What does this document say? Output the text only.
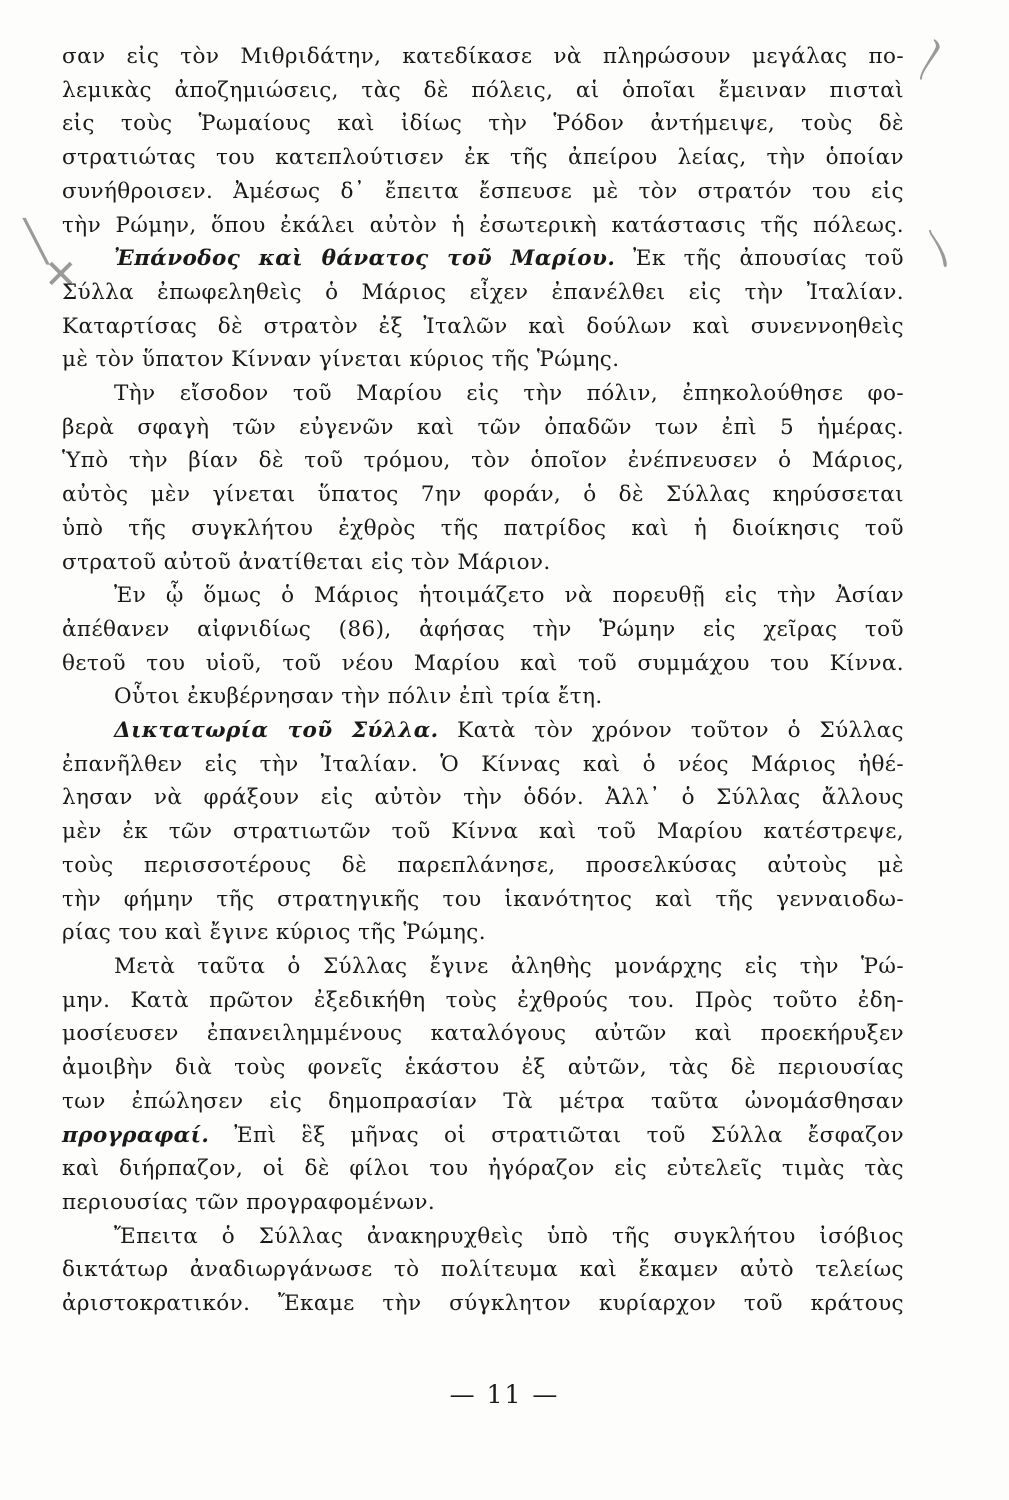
╲
✕
〳
〵
σαν εἰς τὸν Μιθριδάτην, κατεδίκασε νὰ πληρώσουν μεγάλας πο-
λεμικὰς ἀποζημιώσεις, τὰς δὲ πόλεις, αἱ ὁποῖαι ἔμειναν πισταὶ
εἰς τοὺς Ῥωμαίους καὶ ἰδίως τὴν Ῥόδον ἀντήμειψε, τοὺς δὲ
στρατιώτας του κατεπλούτισεν ἐκ τῆς ἀπείρου λείας, τὴν ὁποίαν
συνήθροισεν. Ἀμέσως δ᾽ ἔπειτα ἔσπευσε μὲ τὸν στρατόν του εἰς
τὴν Ρώμην, ὅπου ἐκάλει αὐτὸν ἡ ἐσωτερικὴ κατάστασις τῆς πόλεως.
Ἐπάνοδος καὶ θάνατος τοῦ Μαρίου. Ἐκ τῆς ἀπουσίας τοῦ
Σύλλα ἐπωφεληθεὶς ὁ Μάριος εἶχεν ἐπανέλθει εἰς τὴν Ἰταλίαν.
Καταρτίσας δὲ στρατὸν ἐξ Ἰταλῶν καὶ δούλων καὶ συνεννοηθεὶς
μὲ τὸν ὕπατον Κίνναν γίνεται κύριος τῆς Ῥώμης.
Τὴν εἴσοδον τοῦ Μαρίου εἰς τὴν πόλιν, ἐπηκολούθησε φο-
βερὰ σφαγὴ τῶν εὐγενῶν καὶ τῶν ὀπαδῶν των ἐπὶ 5 ἡμέρας.
Ὑπὸ τὴν βίαν δὲ τοῦ τρόμου, τὸν ὁποῖον ἐνέπνευσεν ὁ Μάριος,
αὐτὸς μὲν γίνεται ὕπατος 7ην φοράν, ὁ δὲ Σύλλας κηρύσσεται
ὑπὸ τῆς συγκλήτου ἐχθρὸς τῆς πατρίδος καὶ ἡ διοίκησις τοῦ
στρατοῦ αὐτοῦ ἀνατίθεται εἰς τὸν Μάριον.
Ἐν ᾧ ὅμως ὁ Μάριος ἡτοιμάζετο νὰ πορευθῇ εἰς τὴν Ἀσίαν
ἀπέθανεν αἰφνιδίως (86), ἀφήσας τὴν Ῥώμην εἰς χεῖρας τοῦ
θετοῦ του υἱοῦ, τοῦ νέου Μαρίου καὶ τοῦ συμμάχου του Κίννα.
Οὗτοι ἐκυβέρνησαν τὴν πόλιν ἐπὶ τρία ἔτη.
Δικτατωρία τοῦ Σύλλα. Κατὰ τὸν χρόνον τοῦτον ὁ Σύλλας
ἐπανῆλθεν εἰς τὴν Ἰταλίαν. Ὁ Κίννας καὶ ὁ νέος Μάριος ἠθέ-
λησαν νὰ φράξουν εἰς αὐτὸν τὴν ὁδόν. Ἀλλ᾽ ὁ Σύλλας ἄλλους
μὲν ἐκ τῶν στρατιωτῶν τοῦ Κίννα καὶ τοῦ Μαρίου κατέστρεψε,
τοὺς περισσοτέρους δὲ παρεπλάνησε, προσελκύσας αὐτοὺς μὲ
τὴν φήμην τῆς στρατηγικῆς του ἱκανότητος καὶ τῆς γενναιοδω-
ρίας του καὶ ἔγινε κύριος τῆς Ῥώμης.
Μετὰ ταῦτα ὁ Σύλλας ἔγινε ἀληθὴς μονάρχης εἰς τὴν Ῥώ-
μην. Κατὰ πρῶτον ἐξεδικήθη τοὺς ἐχθρούς του. Πρὸς τοῦτο ἐδη-
μοσίευσεν ἐπανειλημμένους καταλόγους αὐτῶν καὶ προεκήρυξεν
ἀμοιβὴν διὰ τοὺς φονεῖς ἑκάστου ἐξ αὐτῶν, τὰς δὲ περιουσίας
των ἐπώλησεν εἰς δημοπρασίαν Τὰ μέτρα ταῦτα ὠνομάσθησαν
προγραφαί. Ἐπὶ ἓξ μῆνας οἱ στρατιῶται τοῦ Σύλλα ἔσφαζον
καὶ διήρπαζον, οἱ δὲ φίλοι του ἠγόραζον εἰς εὐτελεῖς τιμὰς τὰς
περιουσίας τῶν προγραφομένων.
Ἔπειτα ὁ Σύλλας ἀνακηρυχθεὶς ὑπὸ τῆς συγκλήτου ἰσόβιος
δικτάτωρ ἀναδιωργάνωσε τὸ πολίτευμα καὶ ἔκαμεν αὐτὸ τελείως
ἀριστοκρατικόν. Ἔκαμε τὴν σύγκλητον κυρίαρχον τοῦ κράτους
— 11 —
